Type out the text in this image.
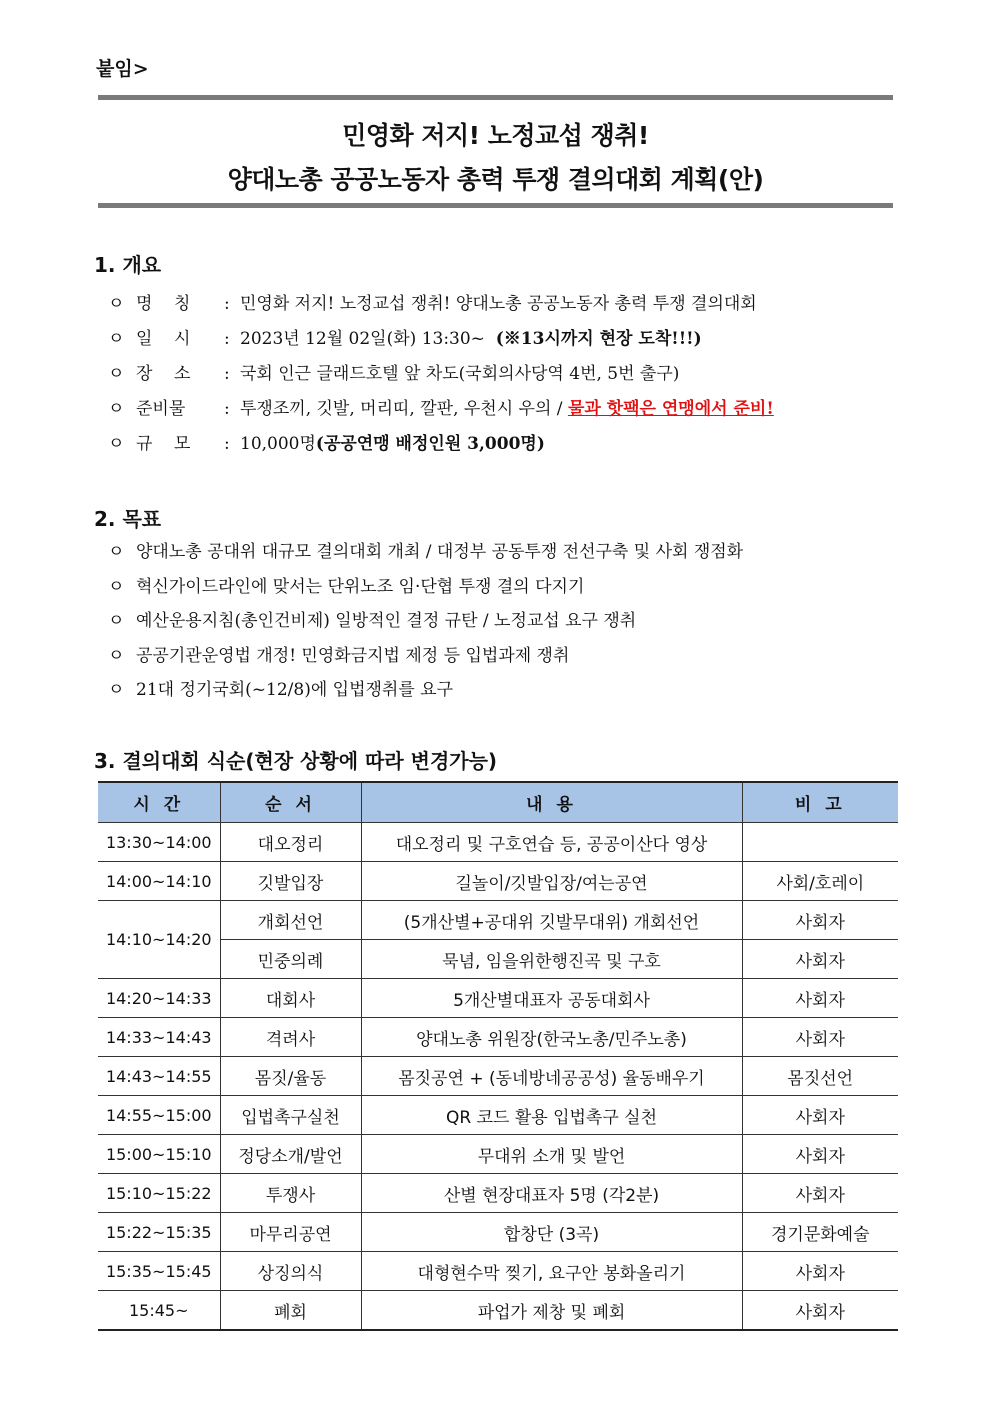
붙임>
민영화 저지! 노정교섭 쟁취!
양대노총 공공노동자 총력 투쟁 결의대회 계획(안)
1. 개요
ㅇ 명    칭 : 민영화 저지! 노정교섭 쟁취! 양대노총 공공노동자 총력 투쟁 결의대회
ㅇ 일    시 : 2023년 12월 02일(화) 13:30~ (※13시까지 현장 도착!!!)
ㅇ 장    소 : 국회 인근 글래드호텔 앞 차도(국회의사당역 4번, 5번 출구)
ㅇ 준비물 : 투쟁조끼, 깃발, 머리띠, 깔판, 우천시 우의 / 물과 핫팩은 연맹에서 준비!
ㅇ 규    모 : 10,000명(공공연맹 배정인원 3,000명)
2. 목표
ㅇ 양대노총 공대위 대규모 결의대회 개최 / 대정부 공동투쟁 전선구축 및 사회 쟁점화
ㅇ 혁신가이드라인에 맞서는 단위노조 임·단협 투쟁 결의 다지기
ㅇ 예산운용지침(총인건비제) 일방적인 결정 규탄 / 노정교섭 요구 쟁취
ㅇ 공공기관운영법 개정! 민영화금지법 제정 등 입법과제 쟁취
ㅇ 21대 정기국회(~12/8)에 입법쟁취를 요구
3. 결의대회 식순(현장 상황에 따라 변경가능)
시 간	순 서	내 용	비 고
13:30~14:00	대오정리	대오정리 및 구호연습 등, 공공이산다 영상	
14:00~14:10	깃발입장	길놀이/깃발입장/여는공연	사회/호레이
14:10~14:20	개회선언	(5개산별+공대위 깃발무대위) 개회선언	사회자
	민중의례	묵념, 임을위한행진곡 및 구호	사회자
14:20~14:33	대회사	5개산별대표자 공동대회사	사회자
14:33~14:43	격려사	양대노총 위원장(한국노총/민주노총)	사회자
14:43~14:55	몸짓/율동	몸짓공연 + (동네방네공공성) 율동배우기	몸짓선언
14:55~15:00	입법촉구실천	QR 코드 활용 입법촉구 실천	사회자
15:00~15:10	정당소개/발언	무대위 소개 및 발언	사회자
15:10~15:22	투쟁사	산별 현장대표자 5명 (각2분)	사회자
15:22~15:35	마무리공연	합창단 (3곡)	경기문화예술
15:35~15:45	상징의식	대형현수막 찢기, 요구안 봉화올리기	사회자
15:45~	폐회	파업가 제창 및 폐회	사회자
